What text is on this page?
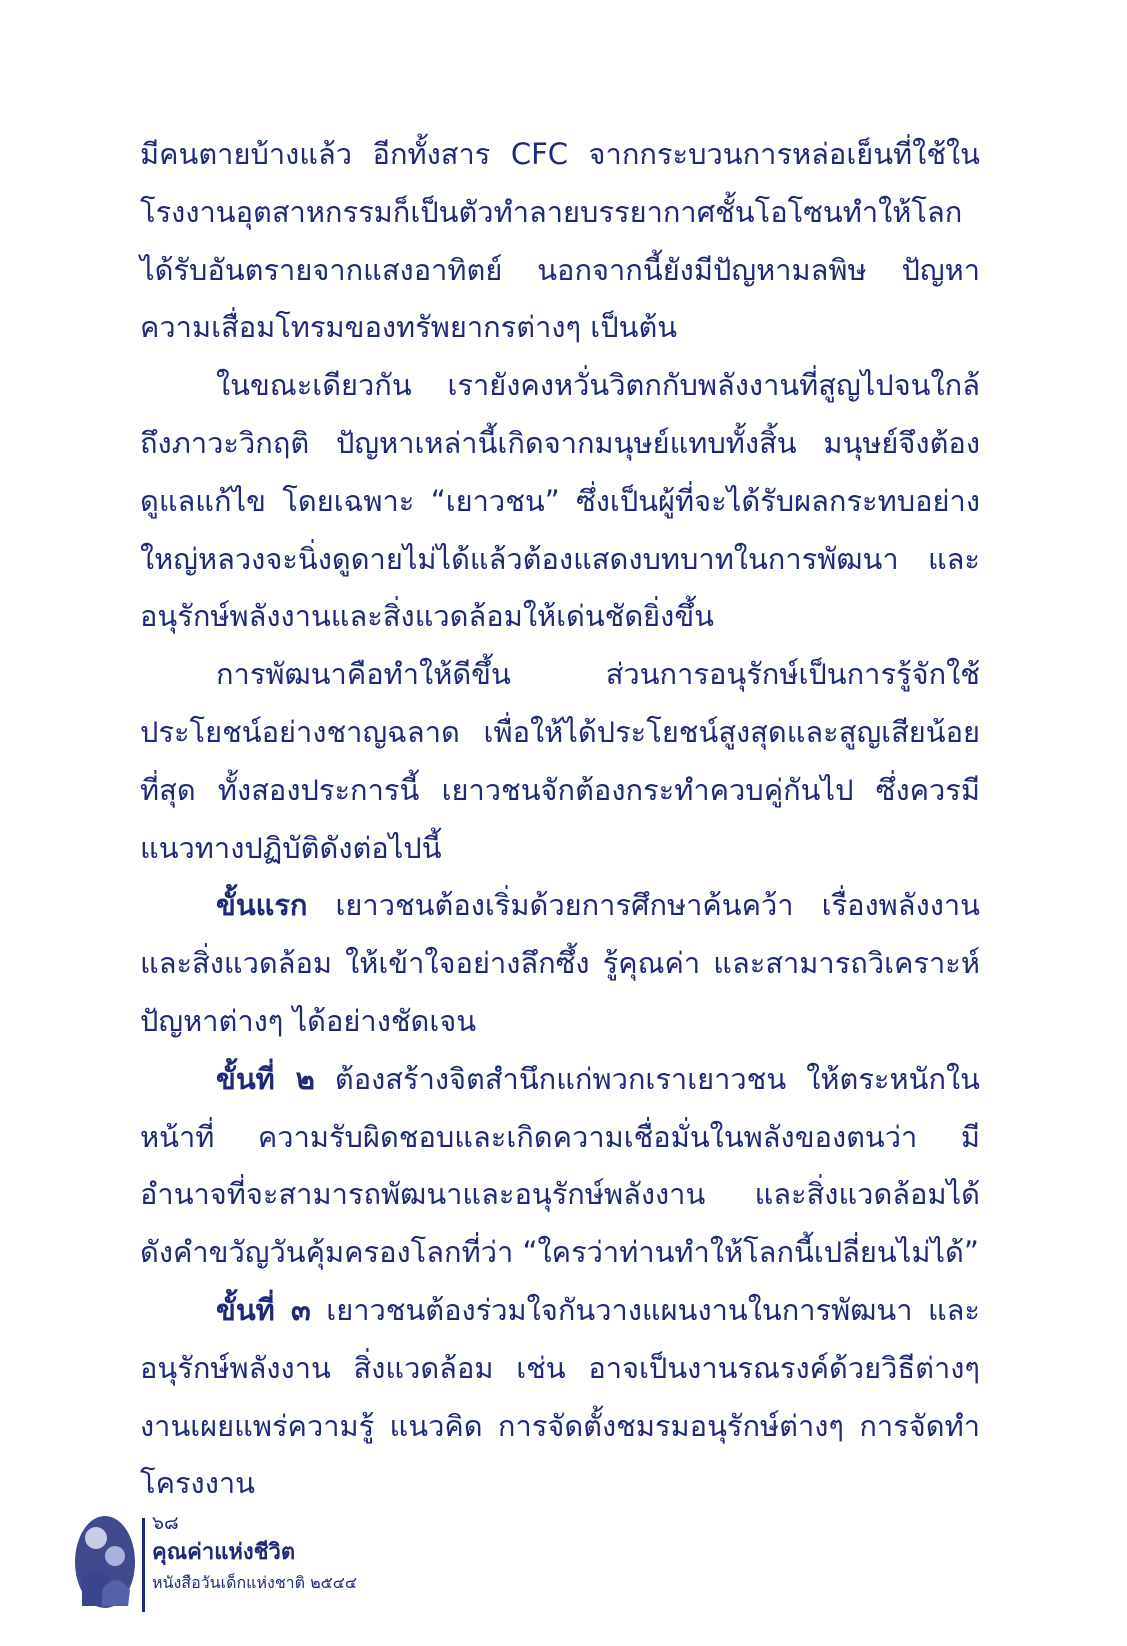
มีคนตายบ้างแล้ว อีกทั้งสาร CFC จากกระบวนการหล่อเย็นที่ใช้ในโรงงานอุตสาหกรรมก็เป็นตัวทำลายบรรยากาศชั้นโอโซนทำให้โลกได้รับอันตรายจากแสงอาทิตย์ นอกจากนี้ยังมีปัญหามลพิษ ปัญหาความเสื่อมโทรมของทรัพยากรต่างๆ เป็นต้น

ในขณะเดียวกัน เรายังคงหวั่นวิตกกับพลังงานที่สูญไปจนใกล้ถึงภาวะวิกฤติ ปัญหาเหล่านี้เกิดจากมนุษย์แทบทั้งสิ้น มนุษย์จึงต้องดูแลแก้ไข โดยเฉพาะ “เยาวชน” ซึ่งเป็นผู้ที่จะได้รับผลกระทบอย่างใหญ่หลวงจะนิ่งดูดายไม่ได้แล้วต้องแสดงบทบาทในการพัฒนา และอนุรักษ์พลังงานและสิ่งแวดล้อมให้เด่นชัดยิ่งขึ้น

การพัฒนาคือทำให้ดีขึ้น ส่วนการอนุรักษ์เป็นการรู้จักใช้ประโยชน์อย่างชาญฉลาด เพื่อให้ได้ประโยชน์สูงสุดและสูญเสียน้อยที่สุด ทั้งสองประการนี้ เยาวชนจักต้องกระทำควบคู่กันไป ซึ่งควรมีแนวทางปฏิบัติดังต่อไปนี้

ขั้นแรก เยาวชนต้องเริ่มด้วยการศึกษาค้นคว้า เรื่องพลังงานและสิ่งแวดล้อม ให้เข้าใจอย่างลึกซึ้ง รู้คุณค่า และสามารถวิเคราะห์ปัญหาต่างๆ ได้อย่างชัดเจน

ขั้นที่ ๒ ต้องสร้างจิตสำนึกแก่พวกเราเยาวชน ให้ตระหนักในหน้าที่ ความรับผิดชอบและเกิดความเชื่อมั่นในพลังของตนว่า มีอำนาจที่จะสามารถพัฒนาและอนุรักษ์พลังงาน และสิ่งแวดล้อมได้ ดังคำขวัญวันคุ้มครองโลกที่ว่า “ใครว่าท่านทำให้โลกนี้เปลี่ยนไม่ได้”

ขั้นที่ ๓ เยาวชนต้องร่วมใจกันวางแผนงานในการพัฒนา และอนุรักษ์พลังงาน สิ่งแวดล้อม เช่น อาจเป็นงานรณรงค์ด้วยวิธีต่างๆ งานเผยแพร่ความรู้ แนวคิด การจัดตั้งชมรมอนุรักษ์ต่างๆ การจัดทำโครงงาน

๖๘
คุณค่าแห่งชีวิต
หนังสือวันเด็กแห่งชาติ ๒๕๔๔
